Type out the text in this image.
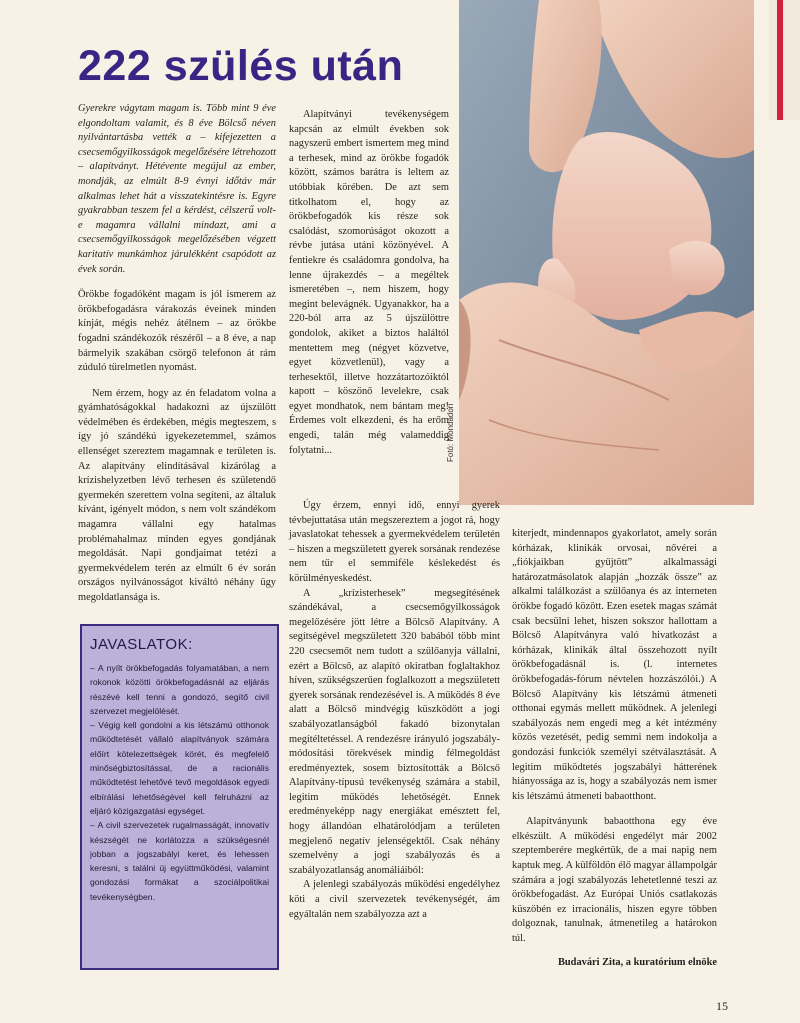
Fotó: Mondadori
222 szülés után

Gyerekre vágytam magam is. Több mint 9 éve elgondoltam valamit, és 8 éve Bölcső néven nyilvántartásba vették a – kifejezetten a csecsemőgyilkosságok megelőzésére létrehozott – alapítványt. Hétévente megújul az ember, mondják, az elmúlt 8-9 évnyi időtáv már alkalmas lehet hát a visszatekintésre is. Egyre gyakrabban teszem fel a kérdést, célszerű volt-e magamra vállalni mindazt, ami a csecsemőgyilkosságok megelőzésében végzett karitatív munkámhoz járulékként csapódott az évek során.

Örökbe fogadóként magam is jól ismerem az örökbefogadásra várakozás éveinek minden kínját, mégis nehéz átélnem – az örökbe fogadni szándékozók részéről – a 8 éve, a nap bármelyik szakában csörgő telefonon át rám zúduló türelmetlen nyomást.

Nem érzem, hogy az én feladatom volna a gyámhatóságokkal hadakozni az újszülött védelmében és érdekében, mégis megteszem, s így jó szándékú igyekezetemmel, számos ellenséget szereztem magamnak e területen is. Az alapítvány elindításával kizárólag a krízishelyzetben lévő terhesen és születendő gyermekén szerettem volna segíteni, az általuk kívánt, igényelt módon, s nem volt szándékom magamra vállalni egy hatalmas problémahalmaz minden egyes gondjának megoldását. Napi gondjaimat tetézi a gyermekvédelem terén az elmúlt 6 év során országos nyilvánosságot kiváltó néhány ügy megoldatlansága is.

Alapítványi tevékenységem kapcsán az elmúlt években sok nagyszerű embert ismertem meg mind a terhesek, mind az örökbe fogadók között, számos barátra is leltem az utóbbiak körében. De azt sem titkolhatom el, hogy az örökbefogadók kis része sok csalódást, szomorúságot okozott a révbe jutása utáni közönyével. A fentiekre és családomra gondolva, ha lenne újrakezdés – a megéltek ismeretében –, nem hiszem, hogy megint belevágnék. Ugyanakkor, ha a 220-ból arra az 5 újszülöttre gondolok, akiket a biztos haláltól mentettem meg (négyet közvetve, egyet közvetlenül), vagy a terhesektől, illetve hozzátartozóiktól kapott – köszönő levelekre, csak egyet mondhatok, nem bántam meg! Érdemes volt elkezdeni, és ha erőm engedi, talán még valameddig folytatni...

Úgy érzem, ennyi idő, ennyi gyerek tévbejuttatása után megszereztem a jogot rá, hogy javaslatokat tehessek a gyermekvédelem területén – hiszen a megszületett gyerek sorsának rendezése nem tűr el semmiféle késlekedést és körülményeskedést.

A „krízisterhesek” megsegítésének szándékával, a csecsemőgyilkosságok megelőzésére jött létre a Bölcső Alapítvány. A segítségével megszületett 320 babából több mint 220 csecsemőt nem tudott a szülőanyja vállalni, ezért a Bölcső, az alapító okiratban foglaltakhoz híven, szükségszerűen foglalkozott a megszületett gyerek sorsának rendezésével is. A működés 8 éve alatt a Bölcső mindvégig küszködött a jogi szabályozatlanságból fakadó bizonytalan megítéltetéssel. A rendezésre irányuló jogszabály-módosítási törekvések mindig félmegoldást eredményeztek, sosem biztosították a Bölcső Alapítvány-típusú tevékenység számára a stabil, legitim működés lehetőségét. Ennek eredményeképp nagy energiákat emésztett fel, hogy állandóan elhatárolódjam a területen megjelenő negatív jelenségektől. Csak néhány szemelvény a jogi szabályozás és a szabályozatlanság anomáliáiból:

A jelenlegi szabályozás működési engedélyhez köti a civil szervezetek tevékenységét, ám egyáltalán nem szabályozza azt a

kiterjedt, mindennapos gyakorlatot, amely során kórházak, klinikák orvosai, nővérei a „fiókjaikban gyűjtött” alkalmassági határozatmásolatok alapján „hozzák össze” az alkalmi találkozást a szülőanya és az interneten örökbe fogadó között. Ezen esetek magas számát csak becsülni lehet, hiszen sokszor hallottam a Bölcső Alapítványra való hivatkozást a kórházak, klinikák által összehozott nyílt örökbefogadásnál is. (l. internetes örökbefogadás-fórum névtelen hozzászólói.) A Bölcső Alapítvány kis létszámú átmeneti otthonai egymás mellett működnek. A jelenlegi szabályozás nem engedi meg a két intézmény közös vezetését, pedig semmi nem indokolja a gondozási funkciók személyi szétválasztását. A legitim működtetés jogszabályi hátterének hiányossága az is, hogy a szabályozás nem ismer kis létszámú átmeneti babaotthont.

Alapítványunk babaotthona egy éve elkészült. A működési engedélyt már 2002 szeptemberére megkértük, de a mai napig nem kaptuk meg. A külföldön élő magyar állampolgár számára a jogi szabályozás lehetetlenné teszi az örökbefogadást. Az Európai Uniós csatlakozás küszöbén ez irracionális, hiszen egyre többen dolgoznak, tanulnak, átmenetileg a határokon túl.

JAVASLATOK:

– A nyílt örökbefogadás folyamatában, a nem rokonok közötti örökbefogadásnál az eljárás részévé kell tenni a gondozó, segítő civil szervezet megjelölését.

– Végig kell gondolni a kis létszámú otthonok működtetését vállaló alapítványok számára előírt kötelezettségek körét, és megfelelő minőségbiztosítással, de a racionális működtetést lehetővé tevő megoldások egyedi elbírálási lehetőségével kell felruházni az eljáró közigazgatási egységet.

– A civil szervezetek rugalmasságát, innovatív készségét ne korlátozza a szükségesnél jobban a jogszabályi keret, és lehessen keresni, s találni új együttműködési, valamint gondozási formákat a szociálpolitikai tevékenységben.

Budavári Zita, a kuratórium elnöke
15
